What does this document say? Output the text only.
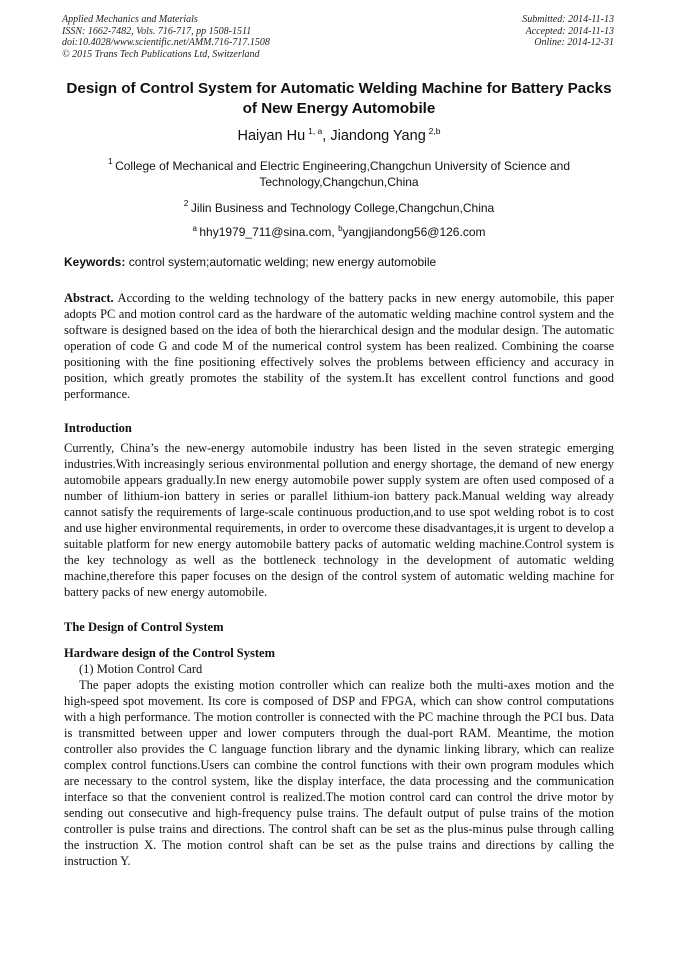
Applied Mechanics and Materials
ISSN: 1662-7482, Vols. 716-717, pp 1508-1511
doi:10.4028/www.scientific.net/AMM.716-717.1508
© 2015 Trans Tech Publications Ltd, Switzerland
Submitted: 2014-11-13
Accepted: 2014-11-13
Online: 2014-12-31
Design of Control System for Automatic Welding Machine for Battery Packs of New Energy Automobile
Haiyan Hu  $^{1, a}$, Jiandong Yang  $^{2,b}$
$^1$  College of Mechanical and Electric Engineering,Changchun University of Science and Technology,Changchun,China
$^2$  Jilin Business and Technology College,Changchun,China
$^a$  hhy1979_711@sina.com, $^b$yangjiandong56@126.com
Keywords: control system;automatic welding; new energy automobile

Abstract. According to the welding technology of the battery packs in new energy automobile, this paper adopts PC and motion control card as the hardware of the automatic welding machine control system and the software is designed based on the idea of both the hierarchical design and the modular design. The automatic operation of code G and code M of the numerical control system has been realized. Combining the coarse positioning with the fine positioning effectively solves the problems between efficiency and accuracy in position, which greatly promotes the stability of the system.It has excellent control functions and good performance.

Introduction

Currently, China’s the new-energy automobile industry has been listed in the seven strategic emerging industries.With increasingly serious environmental pollution and energy shortage, the demand of new energy automobile appears gradually.In new energy automobile power supply system are often used composed of a number of lithium-ion battery in series or parallel lithium-ion battery pack.Manual welding way already cannot satisfy the requirements of large-scale continuous production,and to use spot welding robot is to cost and use higher environmental requirements, in order to overcome these disadvantages,it is urgent to develop a suitable platform for new energy automobile battery packs of automatic welding machine.Control system is the key technology as well as the bottleneck technology in the development of automatic welding machine,therefore this paper focuses on the design of the control system of automatic welding machine for battery packs of new energy automobile.

The Design of Control System
Hardware design of the Control System
(1) Motion Control Card

The paper adopts the existing motion controller which can realize both the multi-axes motion and the high-speed spot movement. Its core is composed of DSP and FPGA, which can show control computations with a high performance. The motion controller is connected with the PC machine through the PCI bus. Data is transmitted between upper and lower computers through the dual-port RAM. Meantime, the motion controller also provides the C language function library and the dynamic linking library, which can realize complex control functions.Users can combine the control functions with their own program modules which are necessary to the control system, like the display interface, the data processing and the communication interface so that the convenient control is realized.The motion control card can control the drive motor by sending out consecutive and high-frequency pulse trains. The default output of pulse trains of the motion controller is pulse trains and directions. The control shaft can be set as the plus-minus pulse through calling the instruction X. The motion control shaft can be set as the pulse trains and directions by calling the instruction Y.
